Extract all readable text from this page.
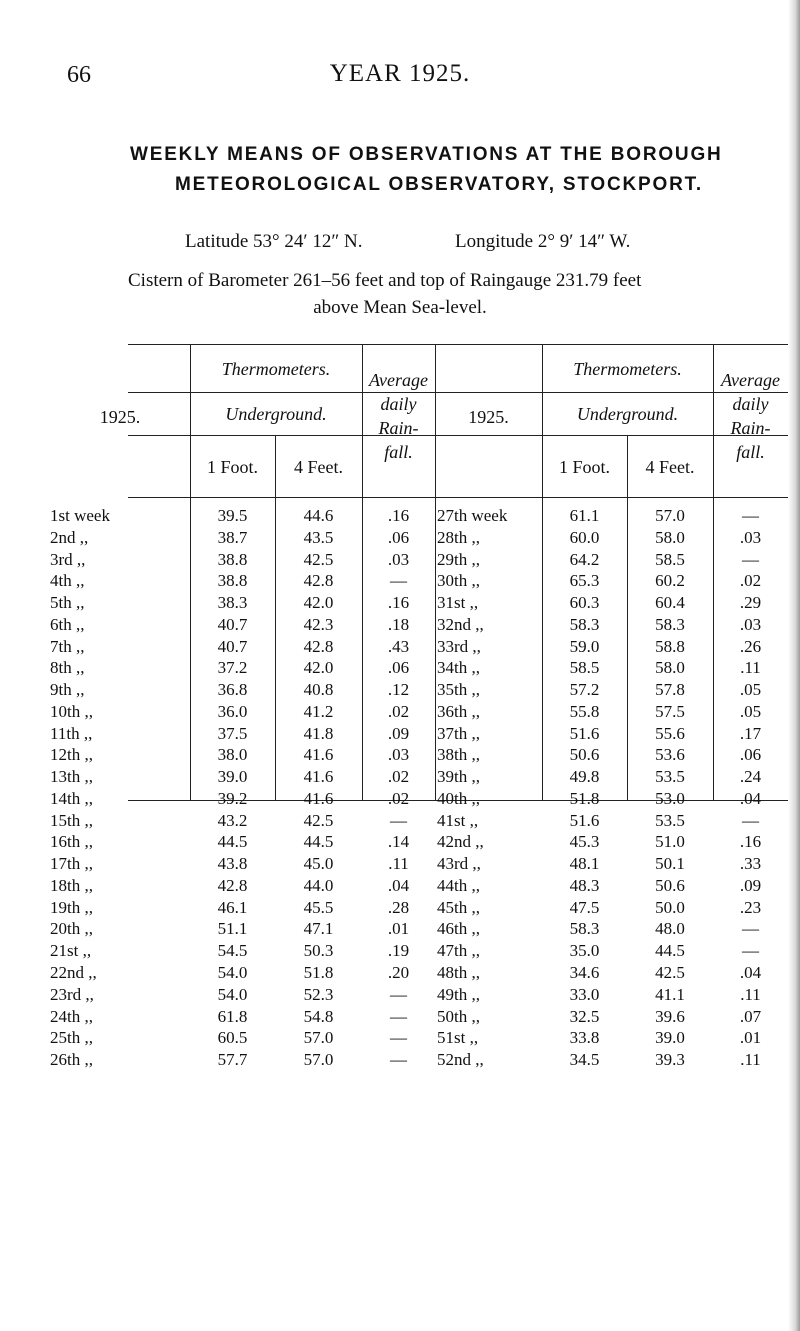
66	YEAR 1925.
WEEKLY MEANS OF OBSERVATIONS AT THE BOROUGH
METEOROLOGICAL OBSERVATORY, STOCKPORT.
Latitude 53° 24′ 12″ N.	Longitude 2° 9′ 14″ W.
Cistern of Barometer 261–56 feet and top of Raingauge 231.79 feet
above Mean Sea-level.
1925.
Thermometers.
Underground.
1 Foot.	4 Feet.
Average
daily
Rain-
fall.
1925.
Thermometers.
Underground.
1 Foot.	4 Feet.
Average
daily
Rain-
fall.
1st week	39.5	44.6	.16	27th week	61.1	57.0	—
2nd ,,	38.7	43.5	.06	28th ,,	60.0	58.0	.03
3rd ,,	38.8	42.5	.03	29th ,,	64.2	58.5	—
4th ,,	38.8	42.8	—	30th ,,	65.3	60.2	.02
5th ,,	38.3	42.0	.16	31st ,,	60.3	60.4	.29
6th ,,	40.7	42.3	.18	32nd ,,	58.3	58.3	.03
7th ,,	40.7	42.8	.43	33rd ,,	59.0	58.8	.26
8th ,,	37.2	42.0	.06	34th ,,	58.5	58.0	.11
9th ,,	36.8	40.8	.12	35th ,,	57.2	57.8	.05
10th ,,	36.0	41.2	.02	36th ,,	55.8	57.5	.05
11th ,,	37.5	41.8	.09	37th ,,	51.6	55.6	.17
12th ,,	38.0	41.6	.03	38th ,,	50.6	53.6	.06
13th ,,	39.0	41.6	.02	39th ,,	49.8	53.5	.24
14th ,,	39.2	41.6	.02	40th ,,	51.8	53.0	.04
15th ,,	43.2	42.5	—	41st ,,	51.6	53.5	—
16th ,,	44.5	44.5	.14	42nd ,,	45.3	51.0	.16
17th ,,	43.8	45.0	.11	43rd ,,	48.1	50.1	.33
18th ,,	42.8	44.0	.04	44th ,,	48.3	50.6	.09
19th ,,	46.1	45.5	.28	45th ,,	47.5	50.0	.23
20th ,,	51.1	47.1	.01	46th ,,	58.3	48.0	—
21st ,,	54.5	50.3	.19	47th ,,	35.0	44.5	—
22nd ,,	54.0	51.8	.20	48th ,,	34.6	42.5	.04
23rd ,,	54.0	52.3	—	49th ,,	33.0	41.1	.11
24th ,,	61.8	54.8	—	50th ,,	32.5	39.6	.07
25th ,,	60.5	57.0	—	51st ,,	33.8	39.0	.01
26th ,,	57.7	57.0	—	52nd ,,	34.5	39.3	.11
